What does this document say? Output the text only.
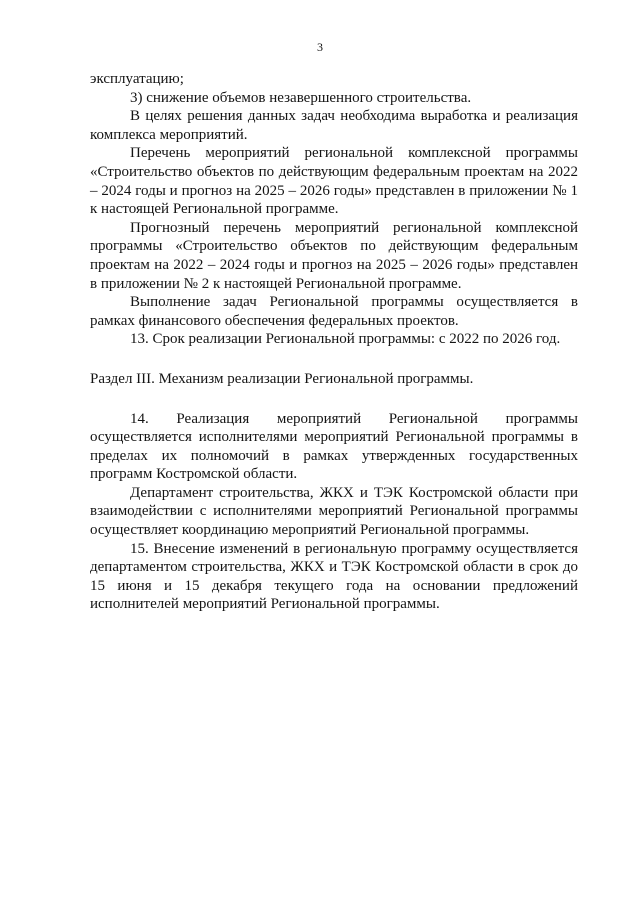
3

эксплуатацию;

3) снижение объемов незавершенного строительства.

В целях решения данных задач необходима выработка и реализация комплекса мероприятий.

Перечень мероприятий региональной комплексной программы «Строительство объектов по действующим федеральным проектам на 2022 – 2024 годы и прогноз на 2025 – 2026 годы» представлен в приложении № 1 к настоящей Региональной программе.

Прогнозный перечень мероприятий региональной комплексной программы «Строительство объектов по действующим федеральным проектам на 2022 – 2024 годы и прогноз на 2025 – 2026 годы» представлен в приложении № 2 к настоящей Региональной программе.

Выполнение задач Региональной программы осуществляется в рамках финансового обеспечения федеральных проектов.

13. Срок реализации Региональной программы: с 2022 по 2026 год.

Раздел III. Механизм реализации Региональной программы.

14. Реализация мероприятий Региональной программы

осуществляется исполнителями мероприятий Региональной программы в пределах их полномочий в рамках утвержденных государственных программ Костромской области.

Департамент строительства, ЖКХ и ТЭК Костромской области при взаимодействии с исполнителями мероприятий Региональной программы осуществляет координацию мероприятий Региональной программы.

15. Внесение изменений в региональную программу осуществляется департаментом строительства, ЖКХ и ТЭК Костромской области в срок до 15 июня и 15 декабря текущего года на основании предложений исполнителей мероприятий Региональной программы.
